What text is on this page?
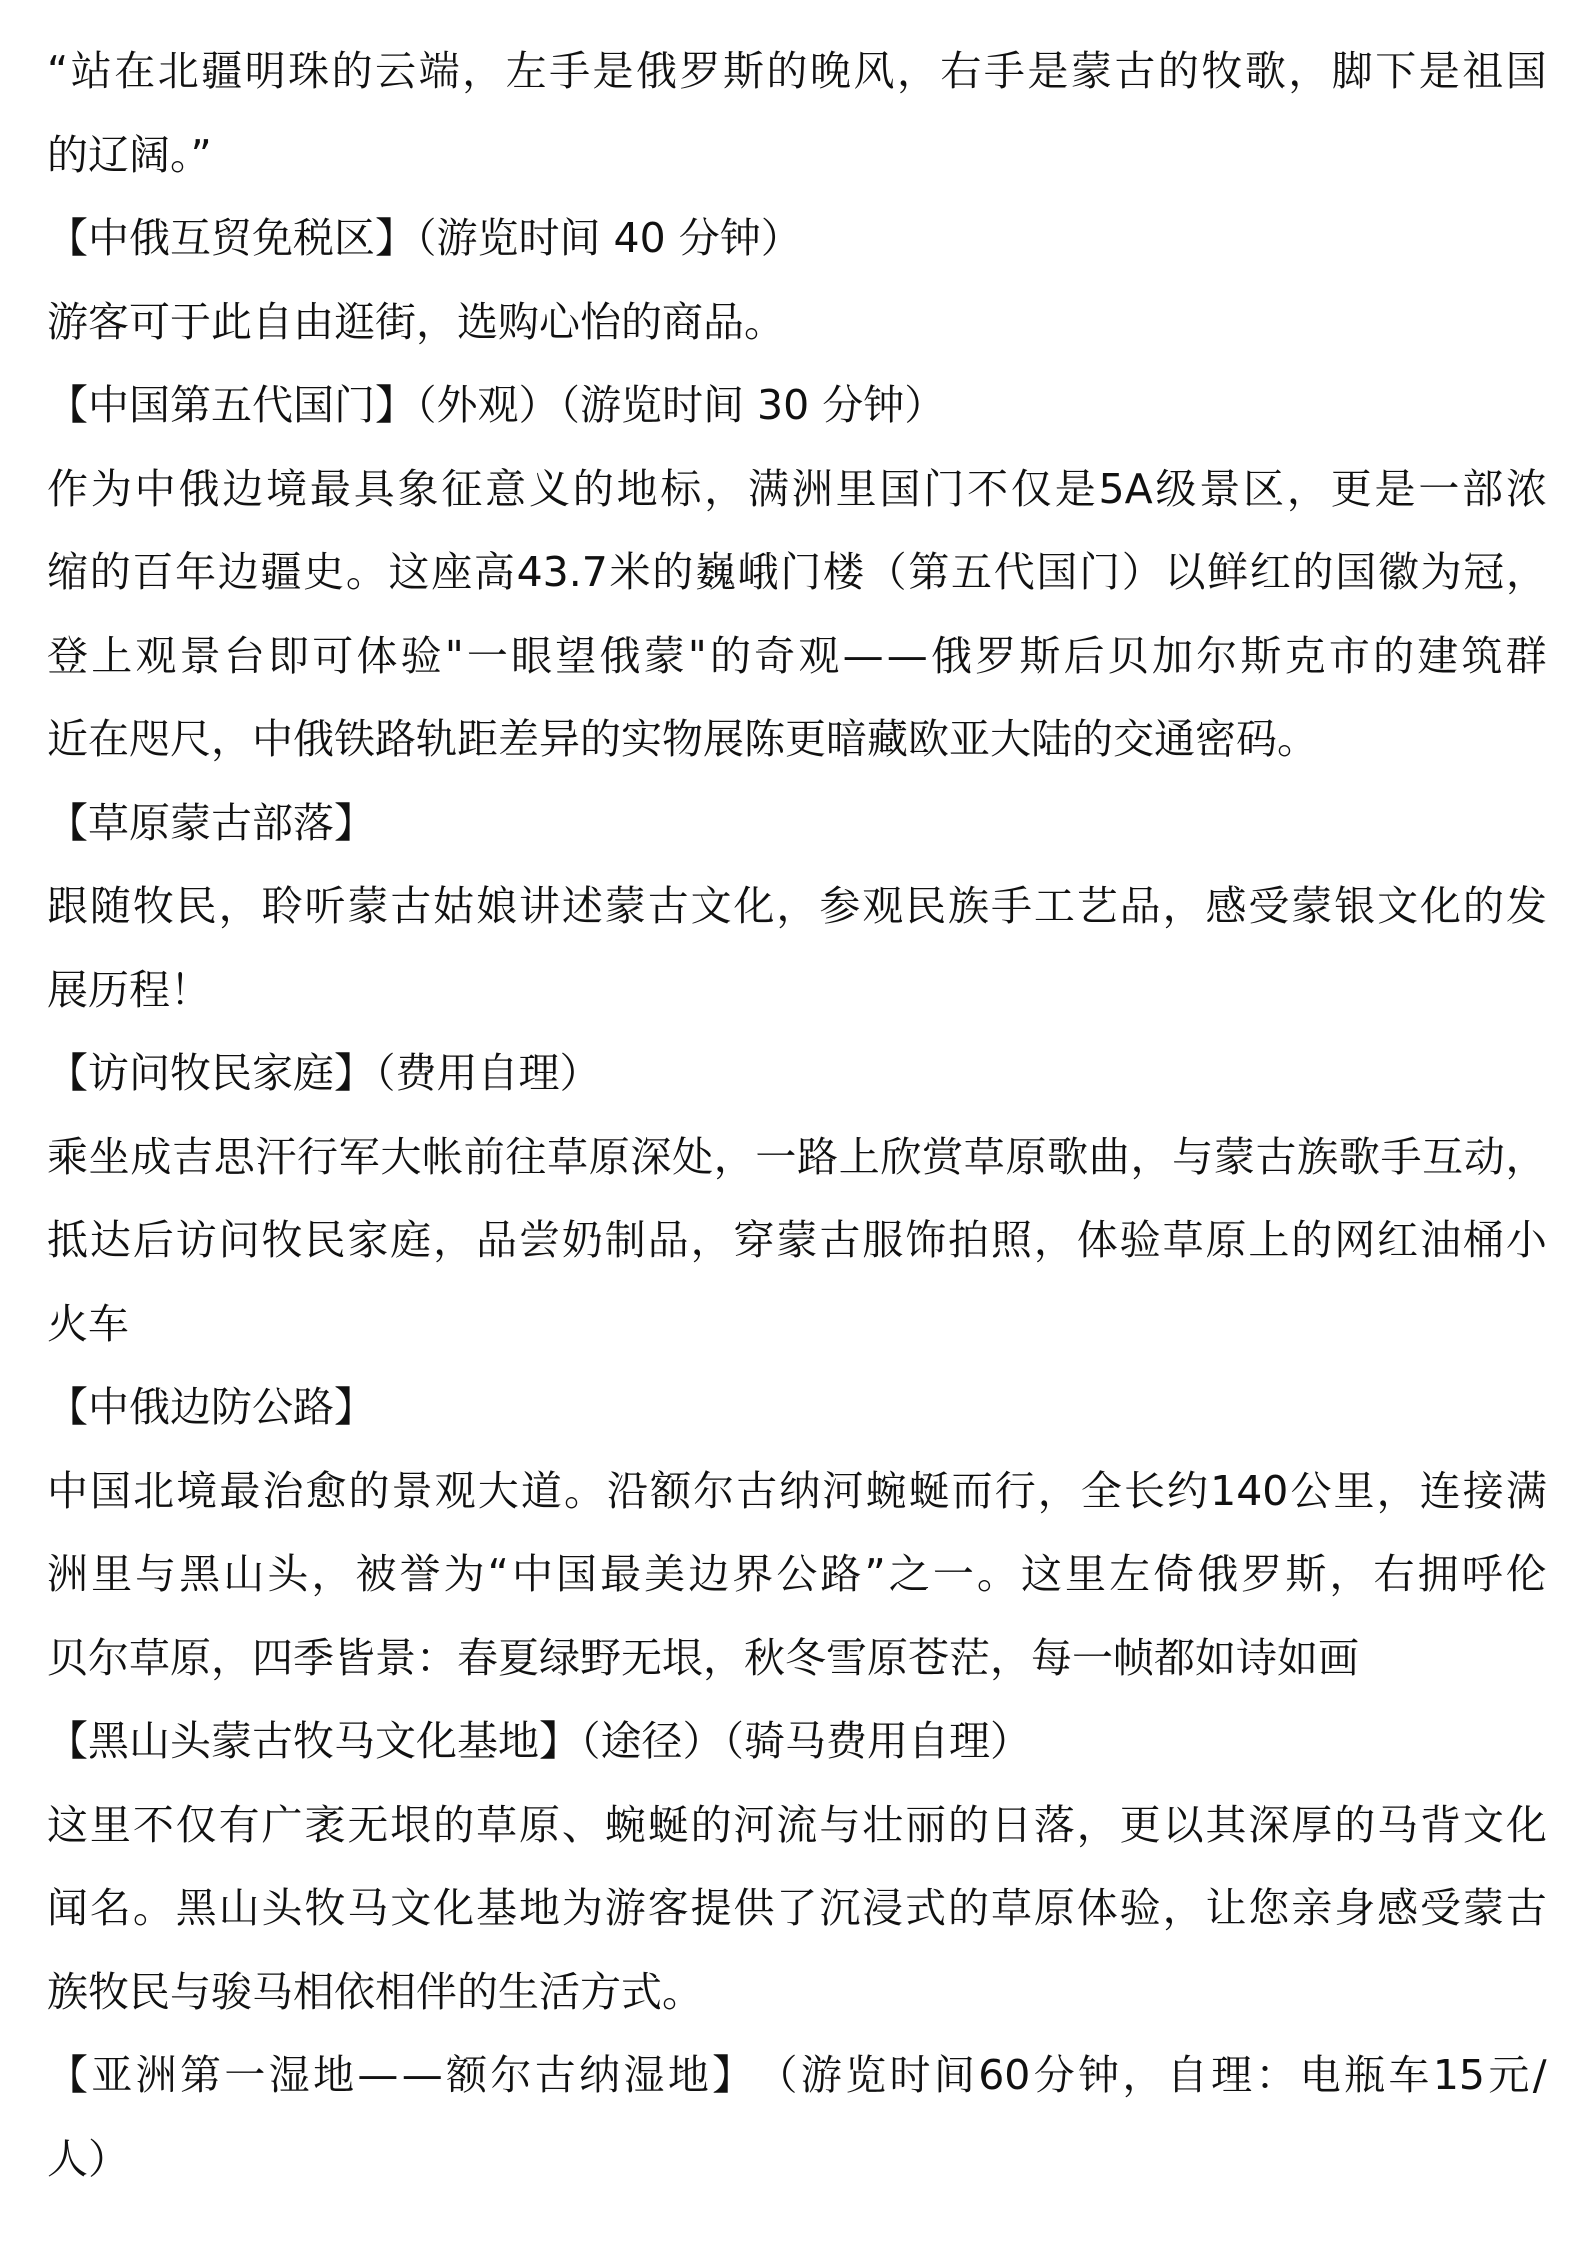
“ 站 在 北 疆 明 珠 的 云 端 ， 左 手 是 俄 罗 斯 的 晚 风 ， 右 手 是 蒙 古 的 牧 歌 ， 脚 下 是 祖 国
的辽阔。”
【中俄互贸免税区】（游览时间 40 分钟）
游客可于此自由逛街，选购心怡的商品。
【中国第五代国门】（外观）（游览时间 30 分钟）
作 为 中 俄 边 境 最 具 象 征 意 义 的 地 标 ， 满 洲 里 国 门 不 仅 是 5A 级 景 区 ， 更 是 一 部 浓
缩 的 百 年 边 疆 史 。 这 座 高 43.7 米 的 巍 峨 门 楼 （ 第 五 代 国 门 ） 以 鲜 红 的 国 徽 为 冠 ，
登 上 观 景 台 即 可 体 验 " 一 眼 望 俄 蒙 " 的 奇 观 — — 俄 罗 斯 后 贝 加 尔 斯 克 市 的 建 筑 群
近在咫尺，中俄铁路轨距差异的实物展陈更暗藏欧亚大陆的交通密码。
【草原蒙古部落】
跟 随 牧 民 ， 聆 听 蒙 古 姑 娘 讲 述 蒙 古 文 化 ， 参 观 民 族 手 工 艺 品 ， 感 受 蒙 银 文 化 的 发
展历程！
【访问牧民家庭】（费用自理）
乘 坐 成 吉 思 汗 行 军 大 帐 前 往 草 原 深 处 ， 一 路 上 欣 赏 草 原 歌 曲 ， 与 蒙 古 族 歌 手 互 动 ，
抵 达 后 访 问 牧 民 家 庭 ， 品 尝 奶 制 品 ， 穿 蒙 古 服 饰 拍 照 ， 体 验 草 原 上 的 网 红 油 桶 小
火车
【中俄边防公路】
中 国 北 境 最 治 愈 的 景 观 大 道 。 沿 额 尔 古 纳 河 蜿 蜒 而 行 ， 全 长 约 140 公 里 ， 连 接 满
洲 里 与 黑 山 头 ， 被 誉 为 “ 中 国 最 美 边 界 公 路 ” 之 一 。 这 里 左 倚 俄 罗 斯 ， 右 拥 呼 伦
贝尔草原，四季皆景：春夏绿野无垠，秋冬雪原苍茫，每一帧都如诗如画
【黑山头蒙古牧马文化基地】（途径）（骑马费用自理）
这 里 不 仅 有 广 袤 无 垠 的 草 原 、 蜿 蜒 的 河 流 与 壮 丽 的 日 落 ， 更 以 其 深 厚 的 马 背 文 化
闻 名 。 黑 山 头 牧 马 文 化 基 地 为 游 客 提 供 了 沉 浸 式 的 草 原 体 验 ， 让 您 亲 身 感 受 蒙 古
族牧民与骏马相依相伴的生活方式。
【 亚 洲 第 一 湿 地 — — 额 尔 古 纳 湿 地 】 （ 游 览 时 间 60 分 钟 ， 自 理 ： 电 瓶 车 15 元 /
人）
